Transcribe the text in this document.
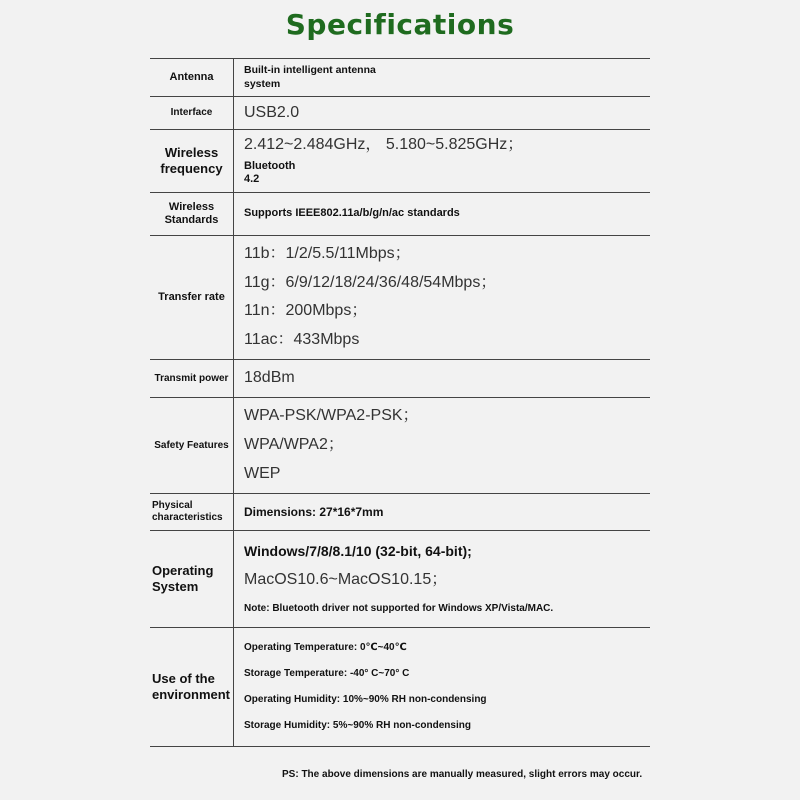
Specifications
Antenna
Built-in intelligent antenna
system
Interface	USB2.0
Wireless frequency
2.412~2.484GHz， 5.180~5.825GHz；
Bluetooth
4.2
Wireless Standards
Supports IEEE802.11a/b/g/n/ac standards
Transfer rate
11b：1/2/5.5/11Mbps；
11g：6/9/12/18/24/36/48/54Mbps；
11n：200Mbps；
11ac：433Mbps
Transmit power 18dBm
Safety Features
WPA-PSK/WPA2-PSK；
WPA/WPA2；
WEP
Physical characteristics	Dimensions: 27*16*7mm
Operating System
Windows/7/8/8.1/10 (32-bit, 64-bit);
MacOS10.6~MacOS10.15；
Note: Bluetooth driver not supported for Windows XP/Vista/MAC.
Use of the environment
Operating Temperature: 0℃~40℃
Storage Temperature: -40° C~70° C
Operating Humidity: 10%~90% RH non-condensing
Storage Humidity: 5%~90% RH non-condensing
PS: The above dimensions are manually measured, slight errors may occur.
